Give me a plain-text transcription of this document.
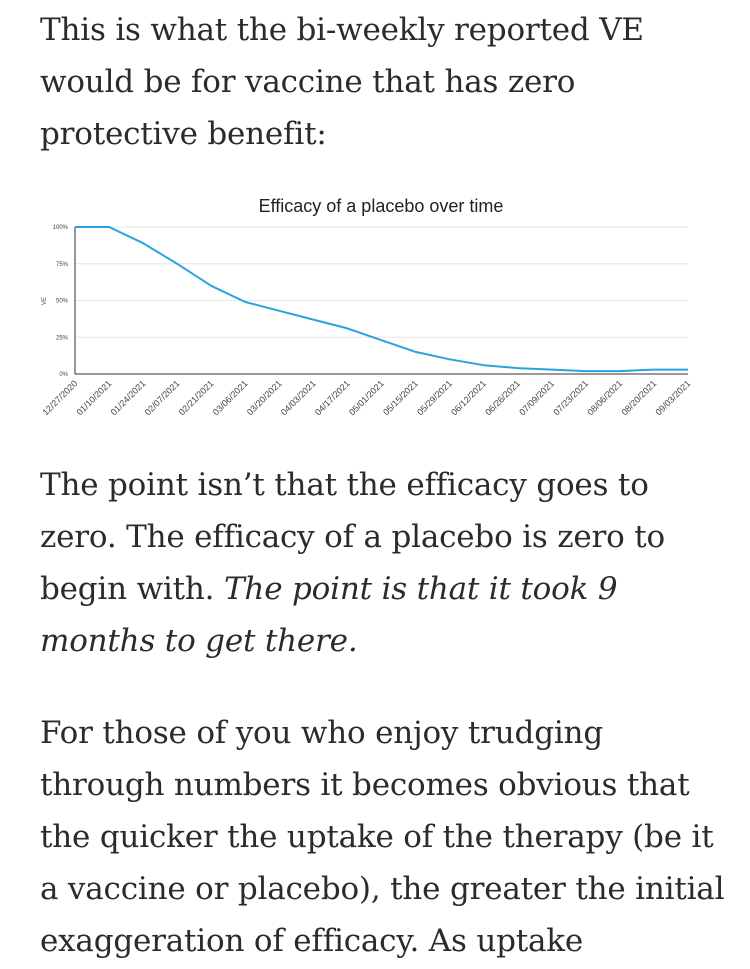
This is what the bi-weekly reported VE would be for vaccine that has zero protective benefit:

Efficacy of a placebo over time
VE
0%
25%
50%
75%
100%
12/27/2020
01/10/2021
01/24/2021
02/07/2021
02/21/2021
03/06/2021
03/20/2021
04/03/2021
04/17/2021
05/01/2021
05/15/2021
05/29/2021
06/12/2021
06/26/2021
07/09/2021
07/23/2021
08/06/2021
08/20/2021
09/03/2021

The point isn’t that the efficacy goes to zero. The efficacy of a placebo is zero to begin with. The point is that it took 9 months to get there.

For those of you who enjoy trudging through numbers it becomes obvious that the quicker the uptake of the therapy (be it a vaccine or placebo), the greater the initial exaggeration of efficacy. As uptake
